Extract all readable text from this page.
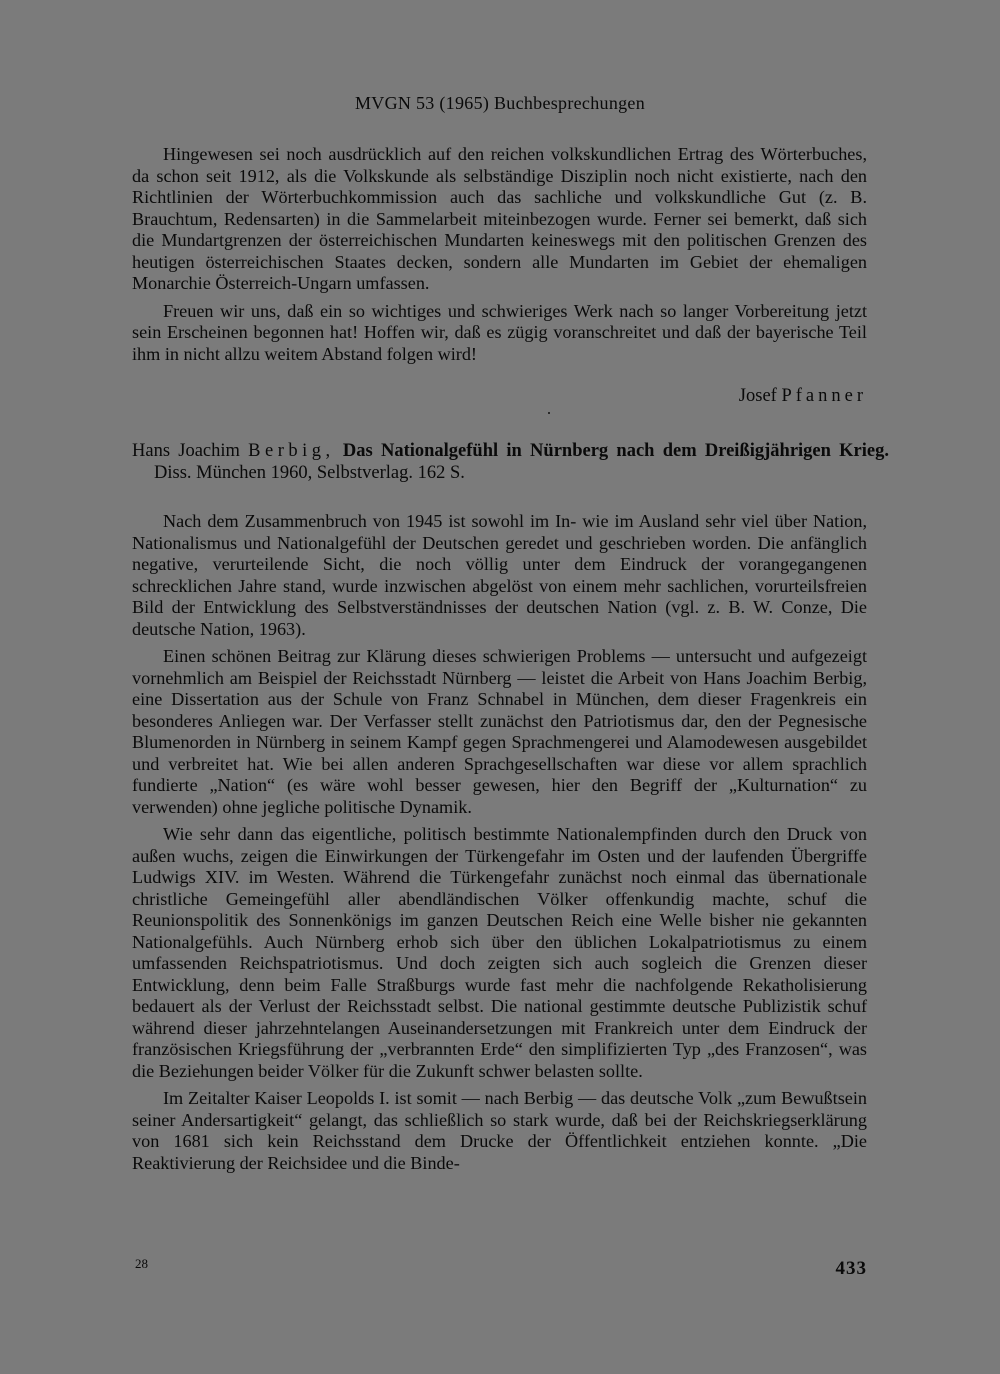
MVGN 53 (1965) Buchbesprechungen

Hingewesen sei noch ausdrücklich auf den reichen volkskundlichen Ertrag des Wörterbuches, da schon seit 1912, als die Volkskunde als selbständige Disziplin noch nicht existierte, nach den Richtlinien der Wörterbuchkommission auch das sachliche und volkskundliche Gut (z. B. Brauchtum, Redensarten) in die Sammelarbeit miteinbezogen wurde. Ferner sei bemerkt, daß sich die Mundartgrenzen der österreichischen Mundarten keineswegs mit den politischen Grenzen des heutigen österreichischen Staates decken, sondern alle Mundarten im Gebiet der ehemaligen Monarchie Österreich-Ungarn umfassen.

Freuen wir uns, daß ein so wichtiges und schwieriges Werk nach so langer Vorbereitung jetzt sein Erscheinen begonnen hat! Hoffen wir, daß es zügig voranschreitet und daß der bayerische Teil ihm in nicht allzu weitem Abstand folgen wird!

Josef Pfanner
Hans Joachim Berbig, Das Nationalgefühl in Nürnberg nach dem Dreißigjährigen Krieg. Diss. München 1960, Selbstverlag. 162 S.

Nach dem Zusammenbruch von 1945 ist sowohl im In- wie im Ausland sehr viel über Nation, Nationalismus und Nationalgefühl der Deutschen geredet und geschrieben worden. Die anfänglich negative, verurteilende Sicht, die noch völlig unter dem Eindruck der vorangegangenen schrecklichen Jahre stand, wurde inzwischen abgelöst von einem mehr sachlichen, vorurteilsfreien Bild der Entwicklung des Selbstverständnisses der deutschen Nation (vgl. z. B. W. Conze, Die deutsche Nation, 1963).

Einen schönen Beitrag zur Klärung dieses schwierigen Problems — untersucht und aufgezeigt vornehmlich am Beispiel der Reichsstadt Nürnberg — leistet die Arbeit von Hans Joachim Berbig, eine Dissertation aus der Schule von Franz Schnabel in München, dem dieser Fragenkreis ein besonderes Anliegen war. Der Verfasser stellt zunächst den Patriotismus dar, den der Pegnesische Blumenorden in Nürnberg in seinem Kampf gegen Sprachmengerei und Alamodewesen ausgebildet und verbreitet hat. Wie bei allen anderen Sprachgesellschaften war diese vor allem sprachlich fundierte „Nation“ (es wäre wohl besser gewesen, hier den Begriff der „Kulturnation“ zu verwenden) ohne jegliche politische Dynamik.

Wie sehr dann das eigentliche, politisch bestimmte Nationalempfinden durch den Druck von außen wuchs, zeigen die Einwirkungen der Türkengefahr im Osten und der laufenden Übergriffe Ludwigs XIV. im Westen. Während die Türkengefahr zunächst noch einmal das übernationale christliche Gemeingefühl aller abendländischen Völker offenkundig machte, schuf die Reunionspolitik des Sonnenkönigs im ganzen Deutschen Reich eine Welle bisher nie gekannten Nationalgefühls. Auch Nürnberg erhob sich über den üblichen Lokalpatriotismus zu einem umfassenden Reichspatriotismus. Und doch zeigten sich auch sogleich die Grenzen dieser Entwicklung, denn beim Falle Straßburgs wurde fast mehr die nachfolgende Rekatholisierung bedauert als der Verlust der Reichsstadt selbst. Die national gestimmte deutsche Publizistik schuf während dieser jahrzehntelangen Auseinandersetzungen mit Frankreich unter dem Eindruck der französischen Kriegsführung der „verbrannten Erde“ den simplifizierten Typ „des Franzosen“, was die Beziehungen beider Völker für die Zukunft schwer belasten sollte.

Im Zeitalter Kaiser Leopolds I. ist somit — nach Berbig — das deutsche Volk „zum Bewußtsein seiner Andersartigkeit“ gelangt, das schließlich so stark wurde, daß bei der Reichskriegserklärung von 1681 sich kein Reichsstand dem Drucke der Öffentlichkeit entziehen konnte. „Die Reaktivierung der Reichsidee und die Binde-

28	433
